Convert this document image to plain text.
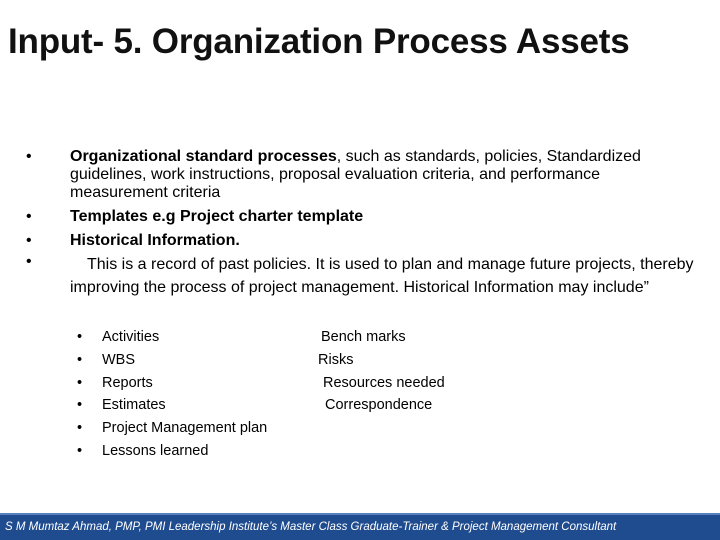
Input- 5. Organization Process Assets
• Organizational standard processes, such as standards, policies, Standardized guidelines, work instructions, proposal evaluation criteria, and performance measurement criteria
• Templates e.g Project charter template
• Historical Information.
•	This is a record of past policies. It is used to plan and manage future projects, thereby improving the process of project management. Historical Information may include”
• Activities
• WBS
• Reports
• Estimates
• Project Management plan
• Lessons learned
Bench marks
Risks
Resources needed
Correspondence
S M Mumtaz Ahmad, PMP, PMI Leadership Institute’s Master Class Graduate-Trainer & Project Management Consultant
